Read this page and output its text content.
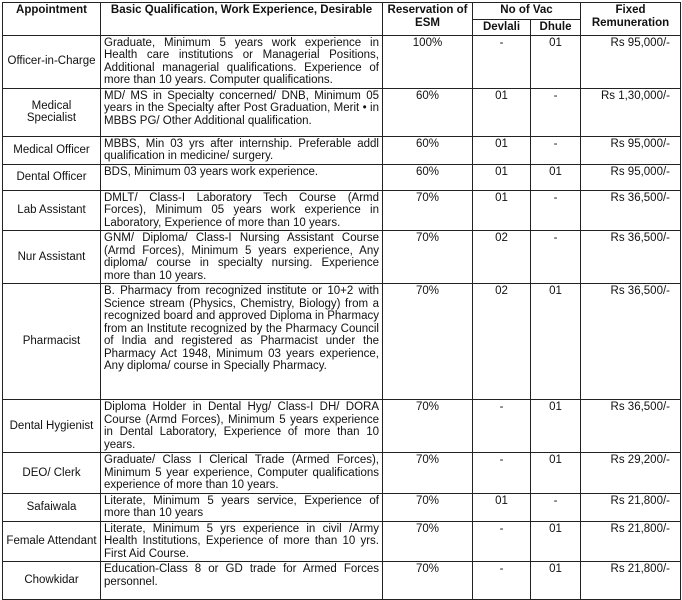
Appointment	Basic Qualification, Work Experience, Desirable	Reservation of ESM	No of Vac		Fixed Remuneration
			Devlali	Dhule	
Officer-in-Charge	Graduate, Minimum 5 years work experience in Health care institutions or Managerial Positions, Additional managerial qualifications. Experience of more than 10 years. Computer qualifications.	100%	-	01	Rs 95,000/-
Medical Specialist	MD/ MS in Specialty concerned/ DNB, Minimum 05 years in the Specialty after Post Graduation, Merit • in MBBS PG/ Other Additional qualification.	60%	01	-	Rs 1,30,000/-
Medical Officer	MBBS, Min 03 yrs after internship. Preferable addl qualification in medicine/ surgery.	60%	01	-	Rs 95,000/-
Dental Officer	BDS, Minimum 03 years work experience.	60%	01	01	Rs 95,000/-
Lab Assistant	DMLT/ Class-I Laboratory Tech Course (Armd Forces), Minimum 05 years work experience in Laboratory, Experience of more than 10 years.	70%	01	-	Rs 36,500/-
Nur Assistant	GNM/ Diploma/ Class-I Nursing Assistant Course (Armd Forces), Minimum 5 years experience, Any diploma/ course in specialty nursing. Experience more than 10 years.	70%	02	-	Rs 36,500/-
Pharmacist	B. Pharmacy from recognized institute or 10+2 with Science stream (Physics, Chemistry, Biology) from a recognized board and approved Diploma in Pharmacy from an Institute recognized by the Pharmacy Council of India and registered as Pharmacist under the Pharmacy Act 1948, Minimum 03 years experience, Any diploma/ course in Specially Pharmacy.	70%	02	01	Rs 36,500/-
Dental Hygienist	Diploma Holder in Dental Hyg/ Class-I DH/ DORA Course (Armd Forces), Minimum 5 years experience in Dental Laboratory, Experience of more than 10 years.	70%	-	01	Rs 36,500/-
DEO/ Clerk	Graduate/ Class I Clerical Trade (Armed Forces), Minimum 5 year experience, Computer qualifications experience of more than 10 years.	70%	-	01	Rs 29,200/-
Safaiwala	Literate, Minimum 5 years service, Experience of more than 10 years	70%	01	-	Rs 21,800/-
Female Attendant	Literate, Minimum 5 yrs experience in civil /Army Health Institutions, Experience of more than 10 yrs. First Aid Course.	70%	-	01	Rs 21,800/-
Chowkidar	Education-Class 8 or GD trade for Armed Forces personnel.	70%	-	01	Rs 21,800/-
